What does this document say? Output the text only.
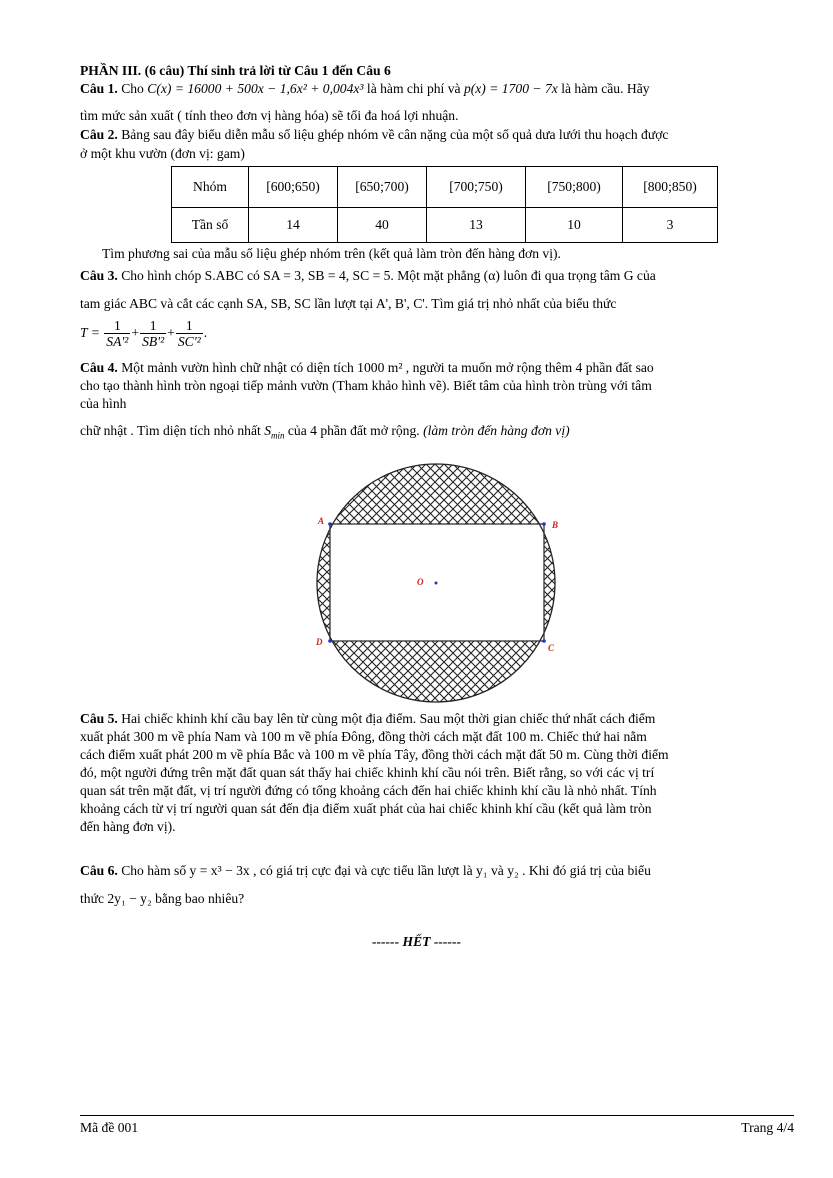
PHẦN III. (6 câu) Thí sinh trả lời từ Câu 1 đến Câu 6
Câu 1. Cho C(x) = 16000 + 500x − 1,6x² + 0,004x³ là hàm chi phí và p(x) = 1700 − 7x là hàm cầu. Hãy
tìm mức sản xuất ( tính theo đơn vị hàng hóa) sẽ tối đa hoá lợi nhuận.
Câu 2. Bảng sau đây biểu diễn mẫu số liệu ghép nhóm về cân nặng của một số quả dưa lưới thu hoạch được
ở một khu vườn (đơn vị: gam)
Nhóm	[600;650)	[650;700)	[700;750)	[750;800)	[800;850)
Tần số	14	40	13	10	3
Tìm phương sai của mẫu số liệu ghép nhóm trên (kết quả làm tròn đến hàng đơn vị).
Câu 3. Cho hình chóp S.ABC có SA = 3, SB = 4, SC = 5. Một mặt phẳng (α) luôn đi qua trọng tâm G của
tam giác ABC và cắt các cạnh SA, SB, SC lần lượt tại A', B', C'. Tìm giá trị nhỏ nhất của biểu thức
$T = \frac{1}{\text{SA'²}} + \frac{1}{\text{SB'²}} + \frac{1}{\text{SC'²}}$ .
Câu 4. Một mảnh vườn hình chữ nhật có diện tích 1000 m² , người ta muốn mở rộng thêm 4 phần đất sao
cho tạo thành hình tròn ngoại tiếp mảnh vườn (Tham khảo hình vẽ). Biết tâm của hình tròn trùng với tâm
của hình
chữ nhật . Tìm diện tích nhỏ nhất $S_{min}$ của 4 phần đất mở rộng. (làm tròn đến hàng đơn vị)
A	B
C
D
O
Câu 5. Hai chiếc khinh khí cầu bay lên từ cùng một địa điểm. Sau một thời gian chiếc thứ nhất cách điểm
xuất phát 300 m về phía Nam và 100 m về phía Đông, đồng thời cách mặt đất 100 m. Chiếc thứ hai nằm
cách điểm xuất phát 200 m về phía Bắc và 100 m về phía Tây, đồng thời cách mặt đất 50 m. Cùng thời điểm
đó, một người đứng trên mặt đất quan sát thấy hai chiếc khinh khí cầu nói trên. Biết rằng, so với các vị trí
quan sát trên mặt đất, vị trí người đứng có tổng khoảng cách đến hai chiếc khinh khí cầu là nhỏ nhất. Tính
khoảng cách từ vị trí người quan sát đến địa điểm xuất phát của hai chiếc khinh khí cầu (kết quả làm tròn
đến hàng đơn vị).
Câu 6. Cho hàm số y = x³ − 3x , có giá trị cực đại và cực tiểu lần lượt là y₁ và y₂ . Khi đó giá trị của biểu
thức 2y₁ − y₂ bằng bao nhiêu?
------ HẾT ------
Mã đề 001	Trang 4/4
